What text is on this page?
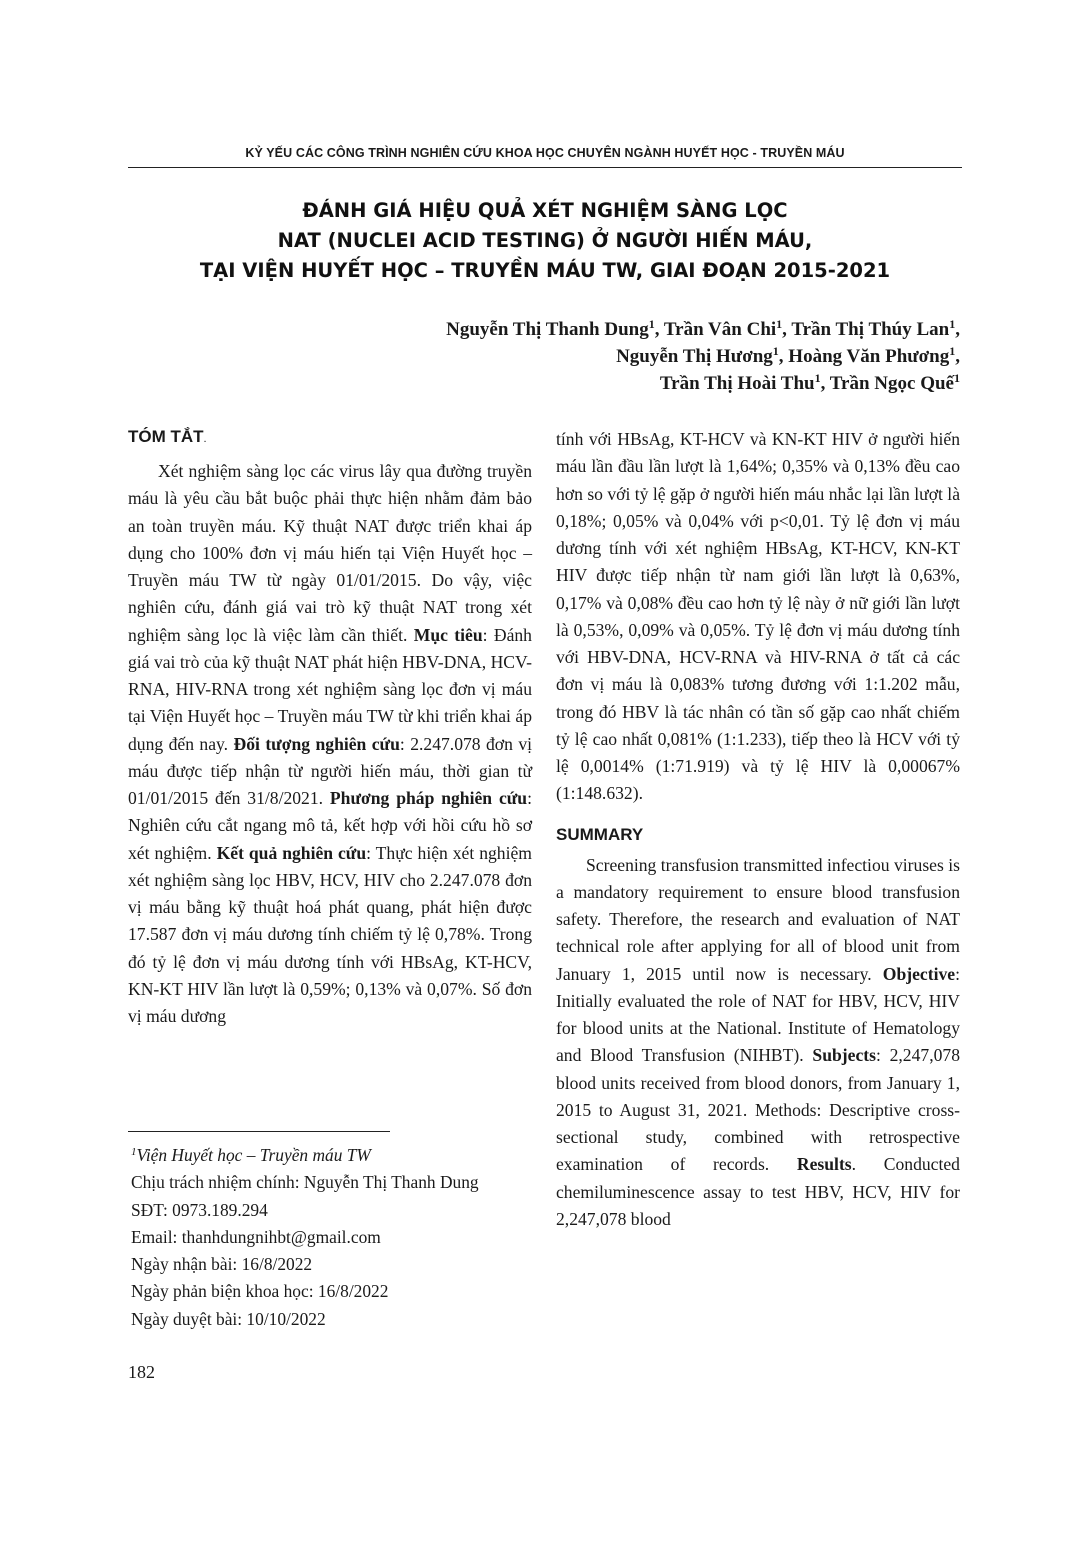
KỶ YẾU CÁC CÔNG TRÌNH NGHIÊN CỨU KHOA HỌC CHUYÊN NGÀNH HUYẾT HỌC - TRUYỀN MÁU
ĐÁNH GIÁ HIỆU QUẢ XÉT NGHIỆM SÀNG LỌC
NAT (NUCLEI ACID TESTING) Ở NGƯỜI HIẾN MÁU,
TẠI VIỆN HUYẾT HỌC – TRUYỀN MÁU TW, GIAI ĐOẠN 2015-2021
Nguyễn Thị Thanh Dung$^1$, Trần Vân Chi$^1$, Trần Thị Thúy Lan$^1$,
Nguyễn Thị Hương$^1$, Hoàng Văn Phương$^1$,
Trần Thị Hoài Thu$^1$, Trần Ngọc Quế$^1$

TÓM TẮT.

Xét nghiệm sàng lọc các virus lây qua đường truyền máu là yêu cầu bắt buộc phải thực hiện nhằm đảm bảo an toàn truyền máu. Kỹ thuật NAT được triển khai áp dụng cho 100% đơn vị máu hiến tại Viện Huyết học – Truyền máu TW từ ngày 01/01/2015. Do vậy, việc nghiên cứu, đánh giá vai trò kỹ thuật NAT trong xét nghiệm sàng lọc là việc làm cần thiết. Mục tiêu: Đánh giá vai trò của kỹ thuật NAT phát hiện HBV-DNA, HCV-RNA, HIV-RNA trong xét nghiệm sàng lọc đơn vị máu tại Viện Huyết học – Truyền máu TW từ khi triển khai áp dụng đến nay. Đối tượng nghiên cứu: 2.247.078 đơn vị máu được tiếp nhận từ người hiến máu, thời gian từ 01/01/2015 đến 31/8/2021. Phương pháp nghiên cứu: Nghiên cứu cắt ngang mô tả, kết hợp với hồi cứu hồ sơ xét nghiệm. Kết quả nghiên cứu: Thực hiện xét nghiệm xét nghiệm sàng lọc HBV, HCV, HIV cho 2.247.078 đơn vị máu bằng kỹ thuật hoá phát quang, phát hiện được 17.587 đơn vị máu dương tính chiếm tỷ lệ 0,78%. Trong đó tỷ lệ đơn vị máu dương tính với HBsAg, KT-HCV, KN-KT HIV lần lượt là 0,59%; 0,13% và 0,07%. Số đơn vị máu dương

tính với HBsAg, KT-HCV và KN-KT HIV ở người hiến máu lần đầu lần lượt là 1,64%; 0,35% và 0,13% đều cao hơn so với tỷ lệ gặp ở người hiến máu nhắc lại lần lượt là 0,18%; 0,05% và 0,04% với p<0,01. Tỷ lệ đơn vị máu dương tính với xét nghiệm HBsAg, KT-HCV, KN-KT HIV được tiếp nhận từ nam giới lần lượt là 0,63%, 0,17% và 0,08% đều cao hơn tỷ lệ này ở nữ giới lần lượt là 0,53%, 0,09% và 0,05%. Tỷ lệ đơn vị máu dương tính với HBV-DNA, HCV-RNA và HIV-RNA ở tất cả các đơn vị máu là 0,083% tương đương với 1:1.202 mẫu, trong đó HBV là tác nhân có tần số gặp cao nhất chiếm tỷ lệ cao nhất 0,081% (1:1.233), tiếp theo là HCV với tỷ lệ 0,0014% (1:71.919) và tỷ lệ HIV là 0,00067% (1:148.632).

SUMMARY

Screening transfusion transmitted infectiou viruses is a mandatory requirement to ensure blood transfusion safety. Therefore, the research and evaluation of NAT technical role after applying for all of blood unit from January 1, 2015 until now is necessary. Objective: Initially evaluated the role of NAT for HBV, HCV, HIV for blood units at the National. Institute of Hematology and Blood Transfusion (NIHBT). Subjects: 2,247,078 blood units received from blood donors, from January 1, 2015 to August 31, 2021. Methods: Descriptive cross-sectional study, combined with retrospective examination of records. Results. Conducted chemiluminescence assay to test HBV, HCV, HIV for 2,247,078 blood

$^1$Viện Huyết học – Truyền máu TW
Chịu trách nhiệm chính: Nguyễn Thị Thanh Dung
SĐT: 0973.189.294
Email: thanhdungnihbt@gmail.com
Ngày nhận bài: 16/8/2022
Ngày phản biện khoa học: 16/8/2022
Ngày duyệt bài: 10/10/2022
182
